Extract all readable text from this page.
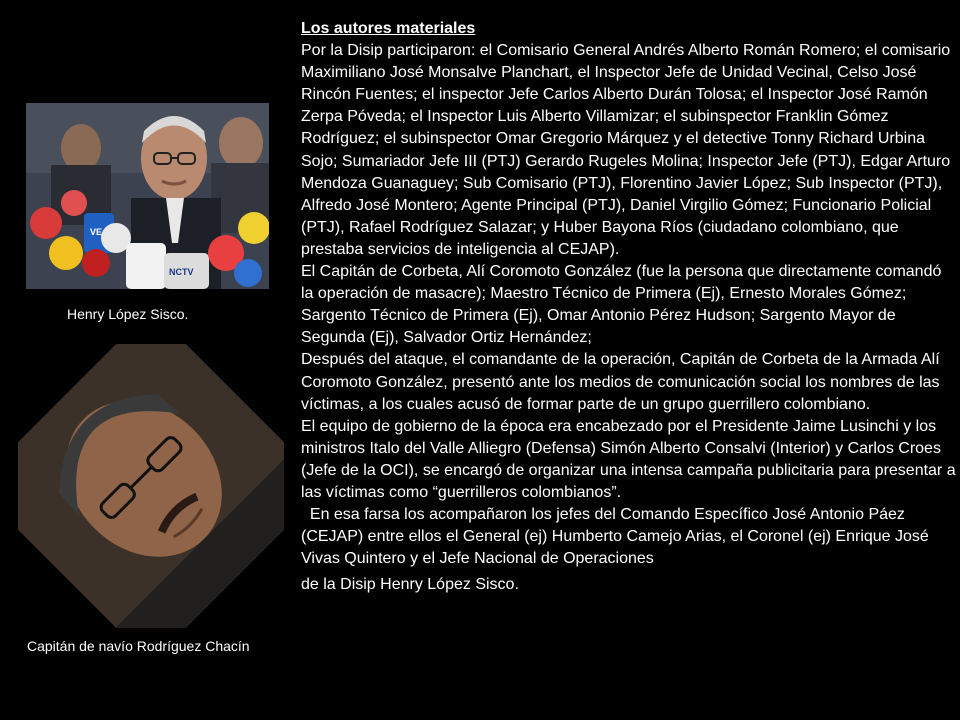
VE
NCTV
Henry López Sisco.
Capitán de navío Rodríguez Chacín

Los autores materiales

Por la Disip participaron: el Comisario General Andrés Alberto Román Romero; el comisario Maximiliano José Monsalve Planchart, el Inspector Jefe de Unidad Vecinal, Celso José Rincón Fuentes; el inspector Jefe Carlos Alberto Durán Tolosa; el Inspector José Ramón Zerpa Póveda; el Inspector Luis Alberto Villamizar; el subinspector Franklin Gómez Rodríguez; el subinspector Omar Gregorio Márquez y el detective Tonny Richard Urbina Sojo; Sumariador Jefe III (PTJ) Gerardo Rugeles Molina; Inspector Jefe (PTJ), Edgar Arturo Mendoza Guanaguey; Sub Comisario (PTJ), Florentino Javier López; Sub Inspector (PTJ), Alfredo José Montero; Agente Principal (PTJ), Daniel Virgilio Gómez; Funcionario Policial (PTJ), Rafael Rodríguez Salazar; y Huber Bayona Ríos (ciudadano colombiano, que prestaba servicios de inteligencia al CEJAP).

El Capitán de Corbeta, Alí Coromoto González (fue la persona que directamente comandó la operación de masacre); Maestro Técnico de Primera (Ej), Ernesto Morales Gómez; Sargento Técnico de Primera (Ej), Omar Antonio Pérez Hudson; Sargento Mayor de Segunda (Ej), Salvador Ortiz Hernández;

Después del ataque, el comandante de la operación, Capitán de Corbeta de la Armada Alí Coromoto González, presentó ante los medios de comunicación social los nombres de las víctimas, a los cuales acusó de formar parte de un grupo guerrillero colombiano.

El equipo de gobierno de la época era encabezado por el Presidente Jaime Lusinchi y los ministros Italo del Valle Alliegro (Defensa) Simón Alberto Consalvi (Interior) y Carlos Croes (Jefe de la OCI), se encargó de organizar una intensa campaña publicitaria para presentar a las víctimas como “guerrilleros colombianos”.

En esa farsa los acompañaron los jefes del Comando Específico José Antonio Páez  (CEJAP) entre ellos el General (ej) Humberto Camejo Arias, el Coronel (ej) Enrique José Vivas Quintero y el Jefe Nacional de Operaciones

de la Disip Henry López Sisco.
